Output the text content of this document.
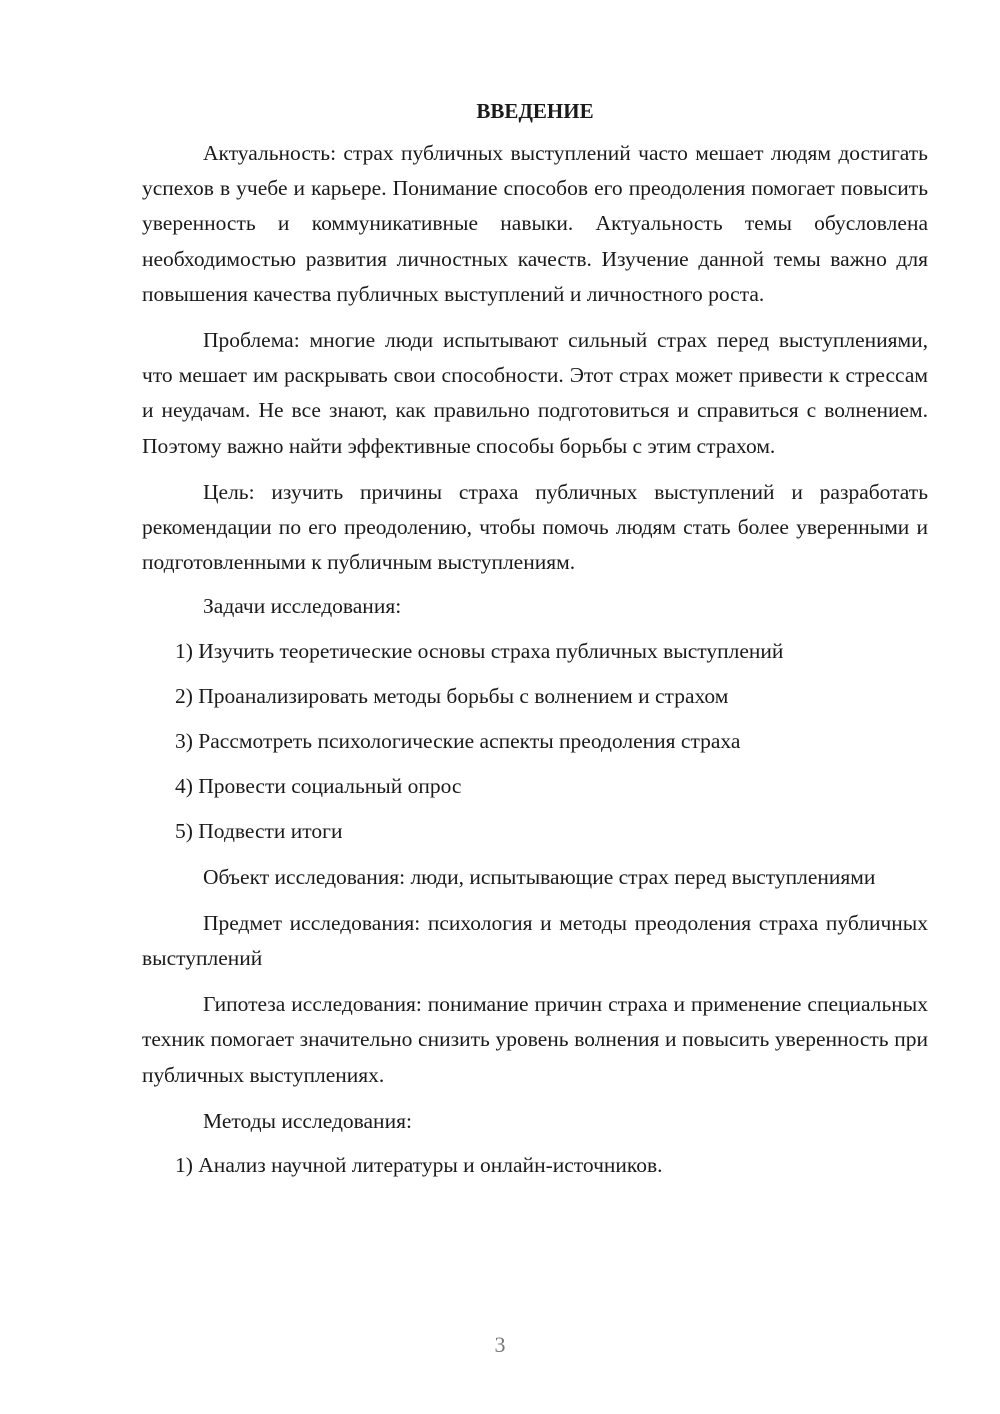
ВВЕДЕНИЕ
Актуальность: страх публичных выступлений часто мешает людям достигать успехов в учебе и карьере. Понимание способов его преодоления помогает повысить уверенность и коммуникативные навыки. Актуальность темы обусловлена необходимостью развития личностных качеств. Изучение данной темы важно для повышения качества публичных выступлений и личностного роста.
Проблема: многие люди испытывают сильный страх перед выступлениями, что мешает им раскрывать свои способности. Этот страх может привести к стрессам и неудачам. Не все знают, как правильно подготовиться и справиться с волнением. Поэтому важно найти эффективные способы борьбы с этим страхом.
Цель: изучить причины страха публичных выступлений и разработать рекомендации по его преодолению, чтобы помочь людям стать более уверенными и подготовленными к публичным выступлениям.
Задачи исследования:
1) Изучить теоретические основы страха публичных выступлений
2) Проанализировать методы борьбы с волнением и страхом
3) Рассмотреть психологические аспекты преодоления страха
4) Провести социальный опрос
5) Подвести итоги
Объект исследования: люди, испытывающие страх перед выступлениями
Предмет исследования: психология и методы преодоления страха публичных выступлений
Гипотеза исследования: понимание причин страха и применение специальных техник помогает значительно снизить уровень волнения и повысить уверенность при публичных выступлениях.
Методы исследования:
1) Анализ научной литературы и онлайн-источников.
3
